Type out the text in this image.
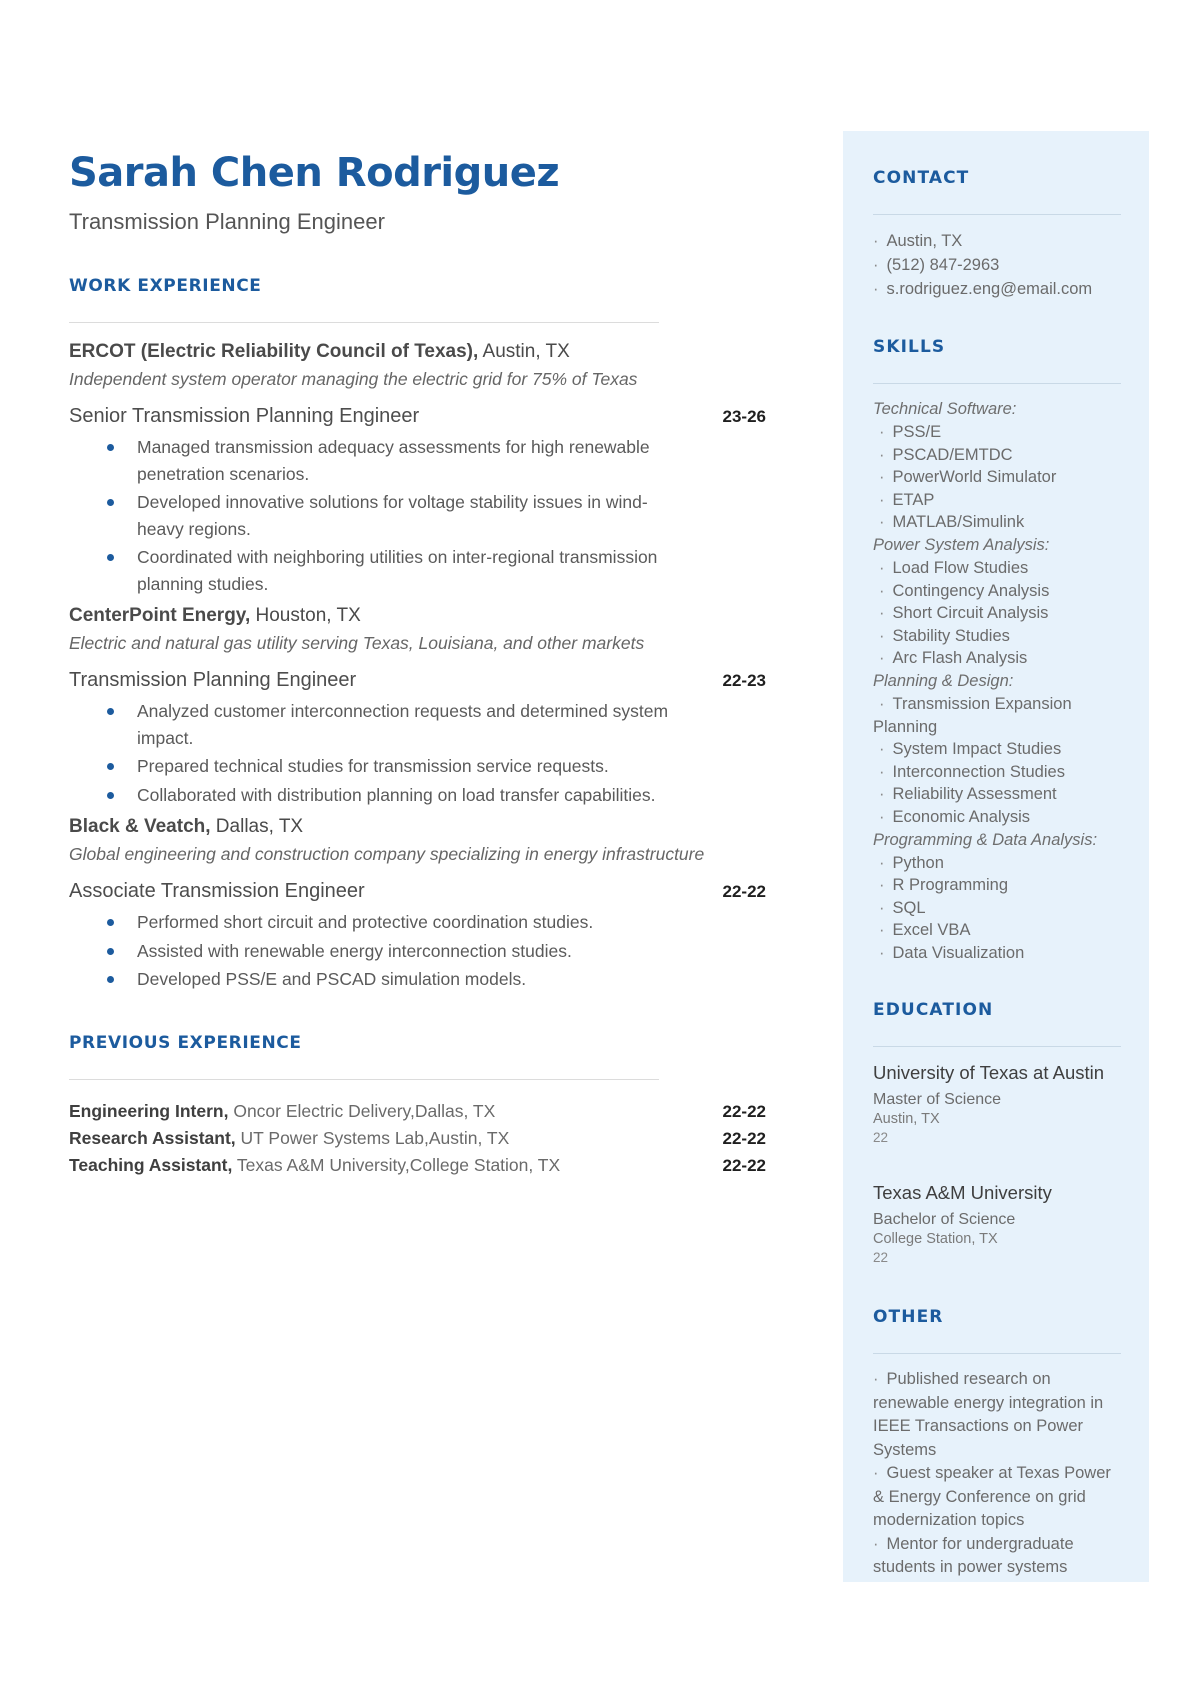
Sarah Chen Rodriguez
Transmission Planning Engineer
WORK EXPERIENCE
ERCOT (Electric Reliability Council of Texas), Austin, TX
Independent system operator managing the electric grid for 75% of Texas
Senior Transmission Planning Engineer	23-26
Managed transmission adequacy assessments for high renewable penetration scenarios.
Developed innovative solutions for voltage stability issues in wind-heavy regions.
Coordinated with neighboring utilities on inter-regional transmission planning studies.
CenterPoint Energy, Houston, TX
Electric and natural gas utility serving Texas, Louisiana, and other markets
Transmission Planning Engineer	22-23
Analyzed customer interconnection requests and determined system impact.
Prepared technical studies for transmission service requests.
Collaborated with distribution planning on load transfer capabilities.
Black & Veatch, Dallas, TX
Global engineering and construction company specializing in energy infrastructure
Associate Transmission Engineer	22-22
Performed short circuit and protective coordination studies.
Assisted with renewable energy interconnection studies.
Developed PSS/E and PSCAD simulation models.
PREVIOUS EXPERIENCE
Engineering Intern, Oncor Electric Delivery,Dallas, TX	22-22
Research Assistant, UT Power Systems Lab,Austin, TX	22-22
Teaching Assistant, Texas A&M University,College Station, TX	22-22
CONTACT
· Austin, TX
· (512) 847-2963
· s.rodriguez.eng@email.com
SKILLS
Technical Software:
· PSS/E
· PSCAD/EMTDC
· PowerWorld Simulator
· ETAP
· MATLAB/Simulink
Power System Analysis:
· Load Flow Studies
· Contingency Analysis
· Short Circuit Analysis
· Stability Studies
· Arc Flash Analysis
Planning & Design:
· Transmission Expansion Planning
· System Impact Studies
· Interconnection Studies
· Reliability Assessment
· Economic Analysis
Programming & Data Analysis:
· Python
· R Programming
· SQL
· Excel VBA
· Data Visualization
EDUCATION
University of Texas at Austin
Master of Science
Austin, TX
22
Texas A&M University
Bachelor of Science
College Station, TX
22
OTHER
· Published research on renewable energy integration in IEEE Transactions on Power Systems
· Guest speaker at Texas Power & Energy Conference on grid modernization topics
· Mentor for undergraduate students in power systems
